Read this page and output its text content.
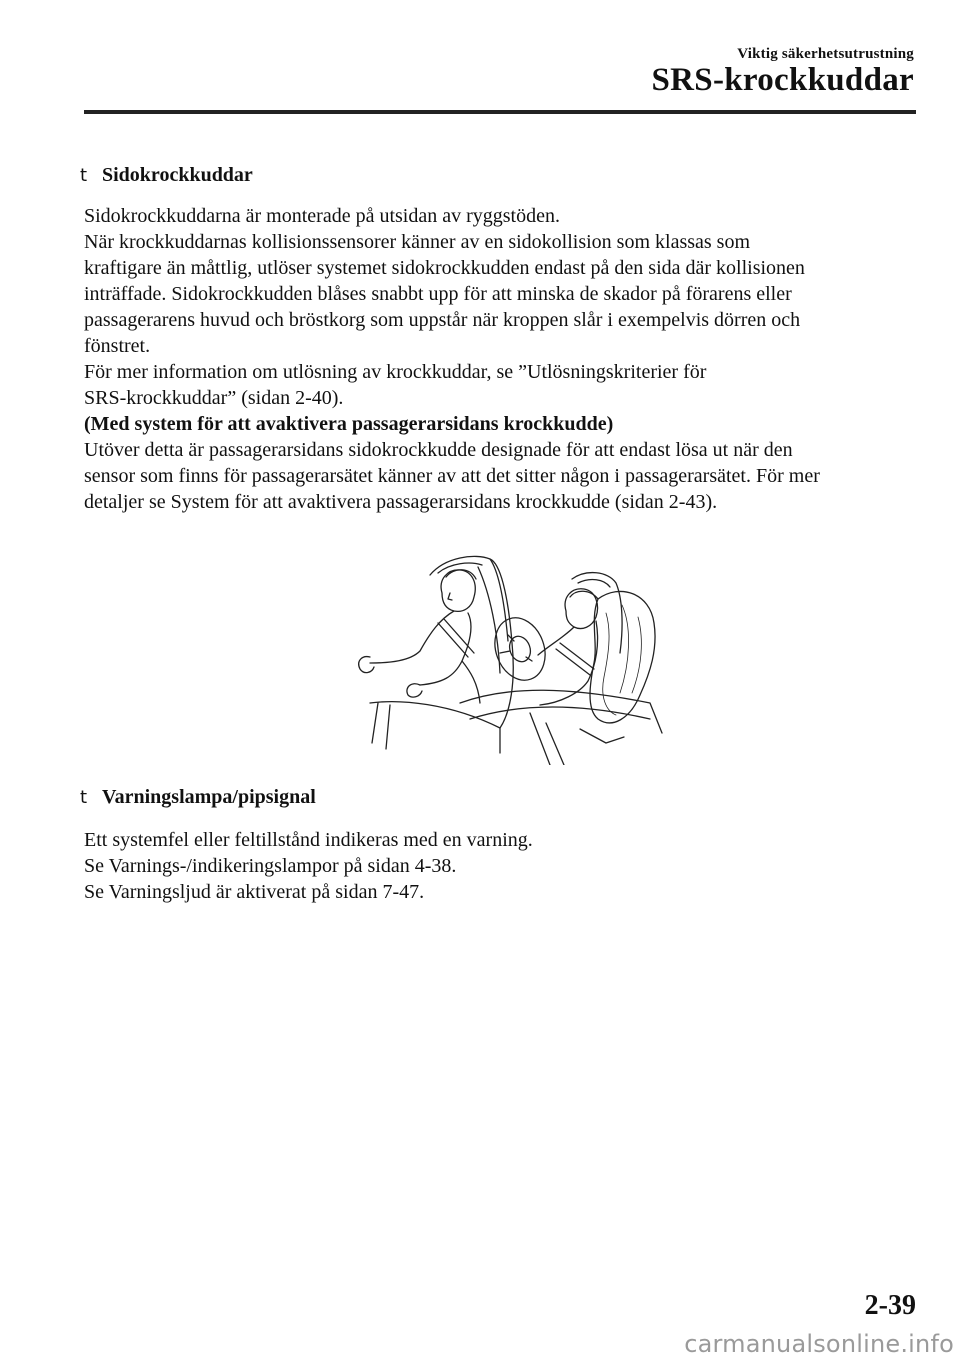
Viktig säkerhetsutrustning
SRS-krockkuddar
t Sidokrockkuddar

Sidokrockkuddarna är monterade på utsidan av ryggstöden.

När krockkuddarnas kollisionssensorer känner av en sidokollision som klassas som

kraftigare än måttlig, utlöser systemet sidokrockkudden endast på den sida där kollisionen

inträffade. Sidokrockkudden blåses snabbt upp för att minska de skador på förarens eller

passagerarens huvud och bröstkorg som uppstår när kroppen slår i exempelvis dörren och

fönstret.

För mer information om utlösning av krockkuddar, se ”Utlösningskriterier för

SRS-krockkuddar” (sidan 2-40).

(Med system för att avaktivera passagerarsidans krockkudde)

Utöver detta är passagerarsidans sidokrockkudde designade för att endast lösa ut när den

sensor som finns för passagerarsätet känner av att det sitter någon i passagerarsätet. För mer

detaljer se System för att avaktivera passagerarsidans krockkudde (sidan 2-43).

t Varningslampa/pipsignal

Ett systemfel eller feltillstånd indikeras med en varning.

Se Varnings-/indikeringslampor på sidan 4-38.

Se Varningsljud är aktiverat på sidan 7-47.

2-39
carmanualsonline.info
